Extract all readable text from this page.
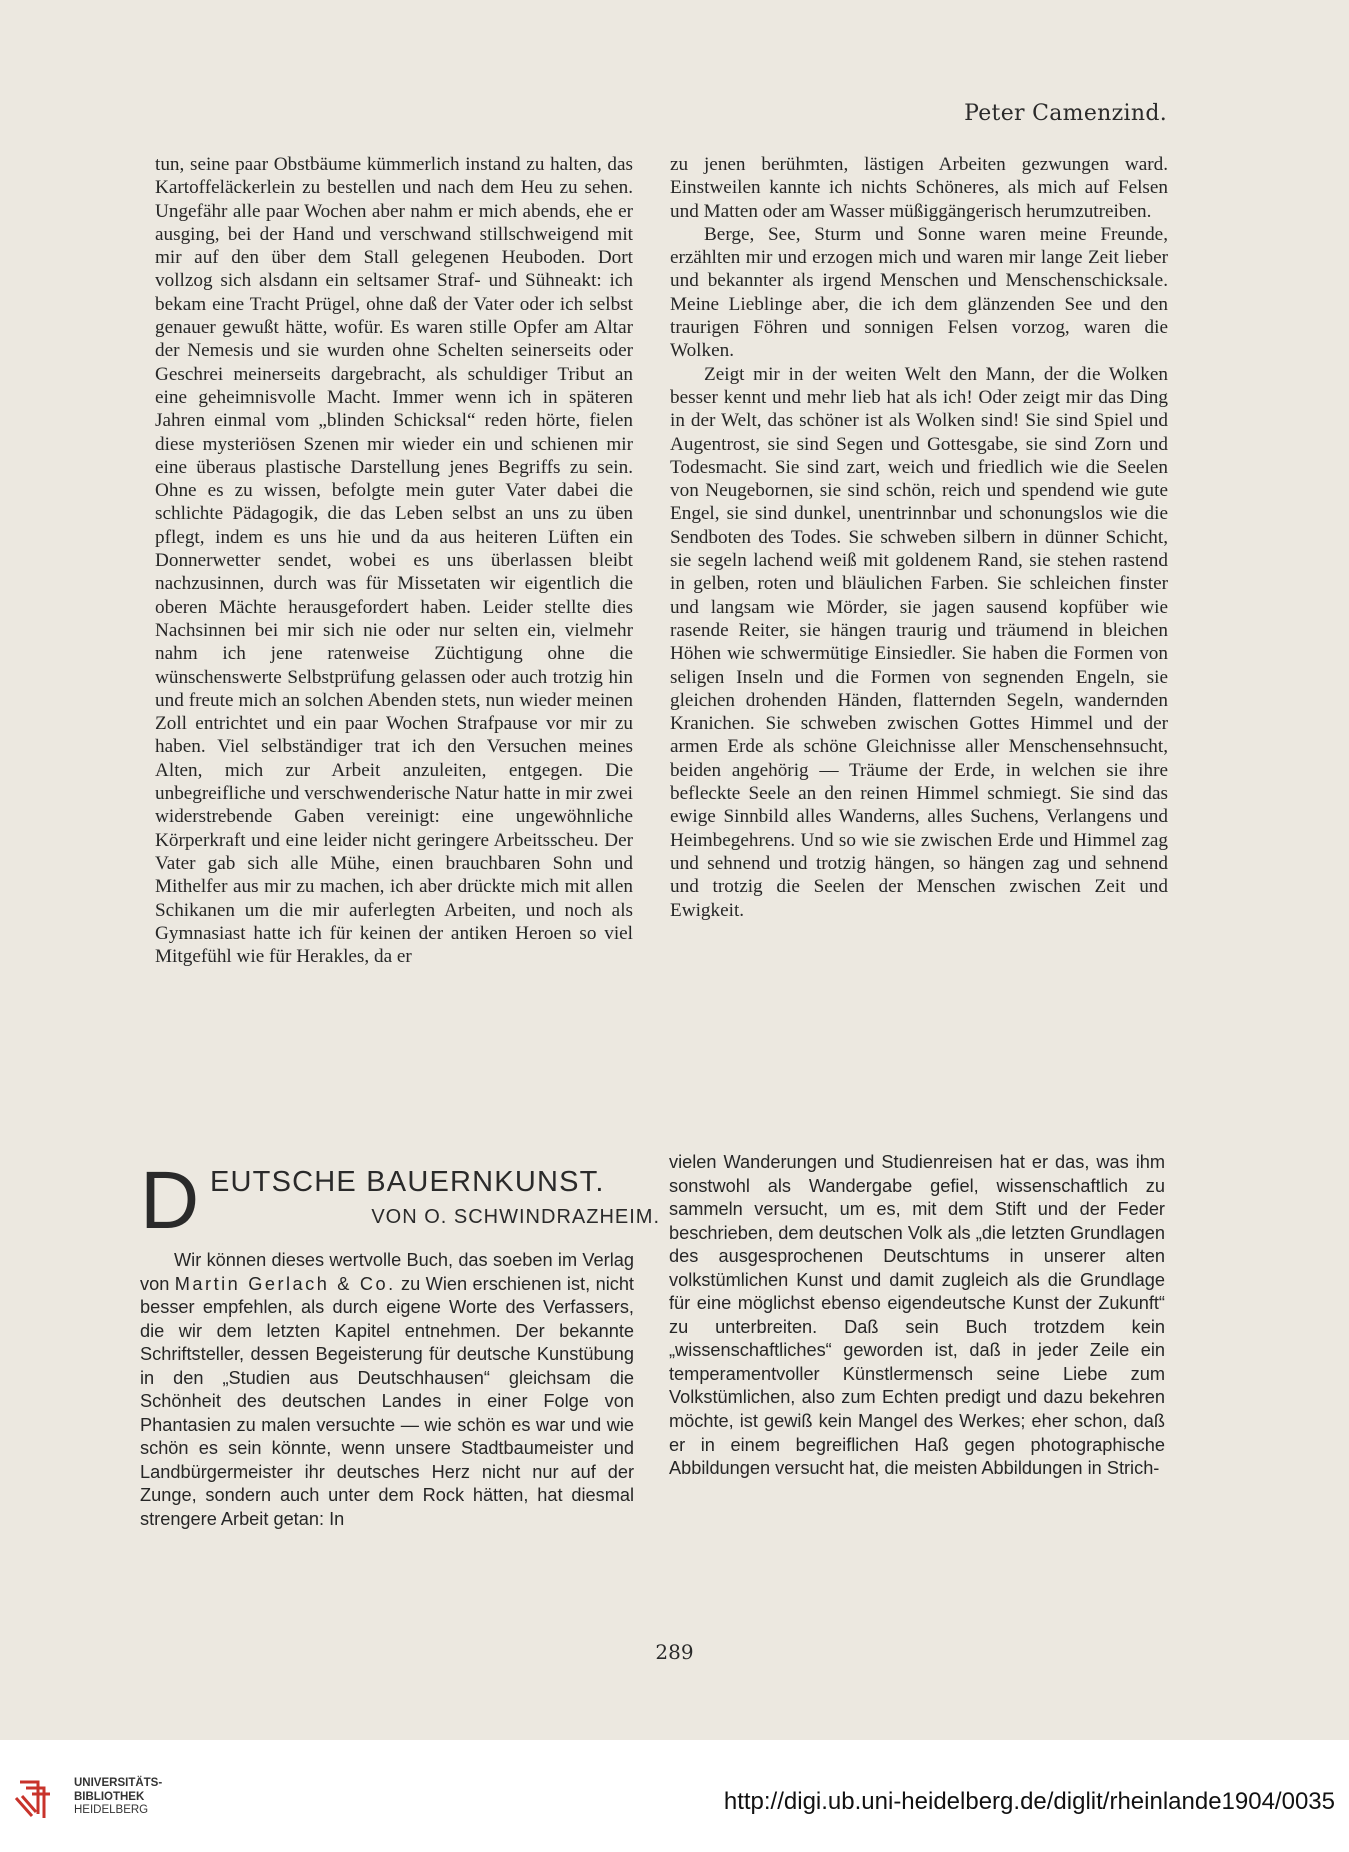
Peter Camenzind.

tun, seine paar Obstbäume kümmerlich instand zu halten, das Kartoffeläckerlein zu bestellen und nach dem Heu zu sehen. Ungefähr alle paar Wochen aber nahm er mich abends, ehe er ausging, bei der Hand und verschwand stillschweigend mit mir auf den über dem Stall gelegenen Heuboden. Dort vollzog sich alsdann ein seltsamer Straf- und Sühneakt: ich bekam eine Tracht Prügel, ohne daß der Vater oder ich selbst genauer gewußt hätte, wofür. Es waren stille Opfer am Altar der Nemesis und sie wurden ohne Schelten seinerseits oder Geschrei meinerseits dargebracht, als schuldiger Tribut an eine geheimnisvolle Macht. Immer wenn ich in späteren Jahren einmal vom „blinden Schicksal“ reden hörte, fielen diese mysteriösen Szenen mir wieder ein und schienen mir eine überaus plastische Darstellung jenes Begriffs zu sein. Ohne es zu wissen, befolgte mein guter Vater dabei die schlichte Pädagogik, die das Leben selbst an uns zu üben pflegt, indem es uns hie und da aus heiteren Lüften ein Donnerwetter sendet, wobei es uns überlassen bleibt nachzusinnen, durch was für Missetaten wir eigentlich die oberen Mächte herausgefordert haben. Leider stellte dies Nachsinnen bei mir sich nie oder nur selten ein, vielmehr nahm ich jene ratenweise Züchtigung ohne die wünschenswerte Selbstprüfung gelassen oder auch trotzig hin und freute mich an solchen Abenden stets, nun wieder meinen Zoll entrichtet und ein paar Wochen Strafpause vor mir zu haben. Viel selbständiger trat ich den Versuchen meines Alten, mich zur Arbeit anzuleiten, entgegen. Die unbegreifliche und verschwenderische Natur hatte in mir zwei widerstrebende Gaben vereinigt: eine ungewöhnliche Körperkraft und eine leider nicht geringere Arbeitsscheu. Der Vater gab sich alle Mühe, einen brauchbaren Sohn und Mithelfer aus mir zu machen, ich aber drückte mich mit allen Schikanen um die mir auferlegten Arbeiten, und noch als Gymnasiast hatte ich für keinen der antiken Heroen so viel Mitgefühl wie für Herakles, da er

zu jenen berühmten, lästigen Arbeiten gezwungen ward. Einstweilen kannte ich nichts Schöneres, als mich auf Felsen und Matten oder am Wasser müßiggängerisch herumzutreiben.

Berge, See, Sturm und Sonne waren meine Freunde, erzählten mir und erzogen mich und waren mir lange Zeit lieber und bekannter als irgend Menschen und Menschenschicksale. Meine Lieblinge aber, die ich dem glänzenden See und den traurigen Föhren und sonnigen Felsen vorzog, waren die Wolken.

Zeigt mir in der weiten Welt den Mann, der die Wolken besser kennt und mehr lieb hat als ich! Oder zeigt mir das Ding in der Welt, das schöner ist als Wolken sind! Sie sind Spiel und Augentrost, sie sind Segen und Gottesgabe, sie sind Zorn und Todesmacht. Sie sind zart, weich und friedlich wie die Seelen von Neugebornen, sie sind schön, reich und spendend wie gute Engel, sie sind dunkel, unentrinnbar und schonungslos wie die Sendboten des Todes. Sie schweben silbern in dünner Schicht, sie segeln lachend weiß mit goldenem Rand, sie stehen rastend in gelben, roten und bläulichen Farben. Sie schleichen finster und langsam wie Mörder, sie jagen sausend kopfüber wie rasende Reiter, sie hängen traurig und träumend in bleichen Höhen wie schwermütige Einsiedler. Sie haben die Formen von seligen Inseln und die Formen von segnenden Engeln, sie gleichen drohenden Händen, flatternden Segeln, wandernden Kranichen. Sie schweben zwischen Gottes Himmel und der armen Erde als schöne Gleichnisse aller Menschensehnsucht, beiden angehörig — Träume der Erde, in welchen sie ihre befleckte Seele an den reinen Himmel schmiegt. Sie sind das ewige Sinnbild alles Wanderns, alles Suchens, Verlangens und Heimbegehrens. Und so wie sie zwischen Erde und Himmel zag und sehnend und trotzig hängen, so hängen zag und sehnend und trotzig die Seelen der Menschen zwischen Zeit und Ewigkeit.

D EUTSCHE BAUERNKUNST.
VON O. SCHWINDRAZHEIM.

Wir können dieses wertvolle Buch, das soeben im Verlag von Martin Gerlach & Co. zu Wien erschienen ist, nicht besser empfehlen, als durch eigene Worte des Verfassers, die wir dem letzten Kapitel entnehmen. Der bekannte Schriftsteller, dessen Begeisterung für deutsche Kunstübung in den „Studien aus Deutschhausen“ gleichsam die Schönheit des deutschen Landes in einer Folge von Phantasien zu malen versuchte — wie schön es war und wie schön es sein könnte, wenn unsere Stadtbaumeister und Landbürgermeister ihr deutsches Herz nicht nur auf der Zunge, sondern auch unter dem Rock hätten, hat diesmal strengere Arbeit getan: In

vielen Wanderungen und Studienreisen hat er das, was ihm sonstwohl als Wandergabe gefiel, wissenschaftlich zu sammeln versucht, um es, mit dem Stift und der Feder beschrieben, dem deutschen Volk als „die letzten Grundlagen des ausgesprochenen Deutschtums in unserer alten volkstümlichen Kunst und damit zugleich als die Grundlage für eine möglichst ebenso eigendeutsche Kunst der Zukunft“ zu unterbreiten. Daß sein Buch trotzdem kein „wissenschaftliches“ geworden ist, daß in jeder Zeile ein temperamentvoller Künstlermensch seine Liebe zum Volkstümlichen, also zum Echten predigt und dazu bekehren möchte, ist gewiß kein Mangel des Werkes; eher schon, daß er in einem begreiflichen Haß gegen photographische Abbildungen versucht hat, die meisten Abbildungen in Strich-

289
UNIVERSITÄTS-
BIBLIOTHEK
HEIDELBERG	http://digi.ub.uni-heidelberg.de/diglit/rheinlande1904/0035
